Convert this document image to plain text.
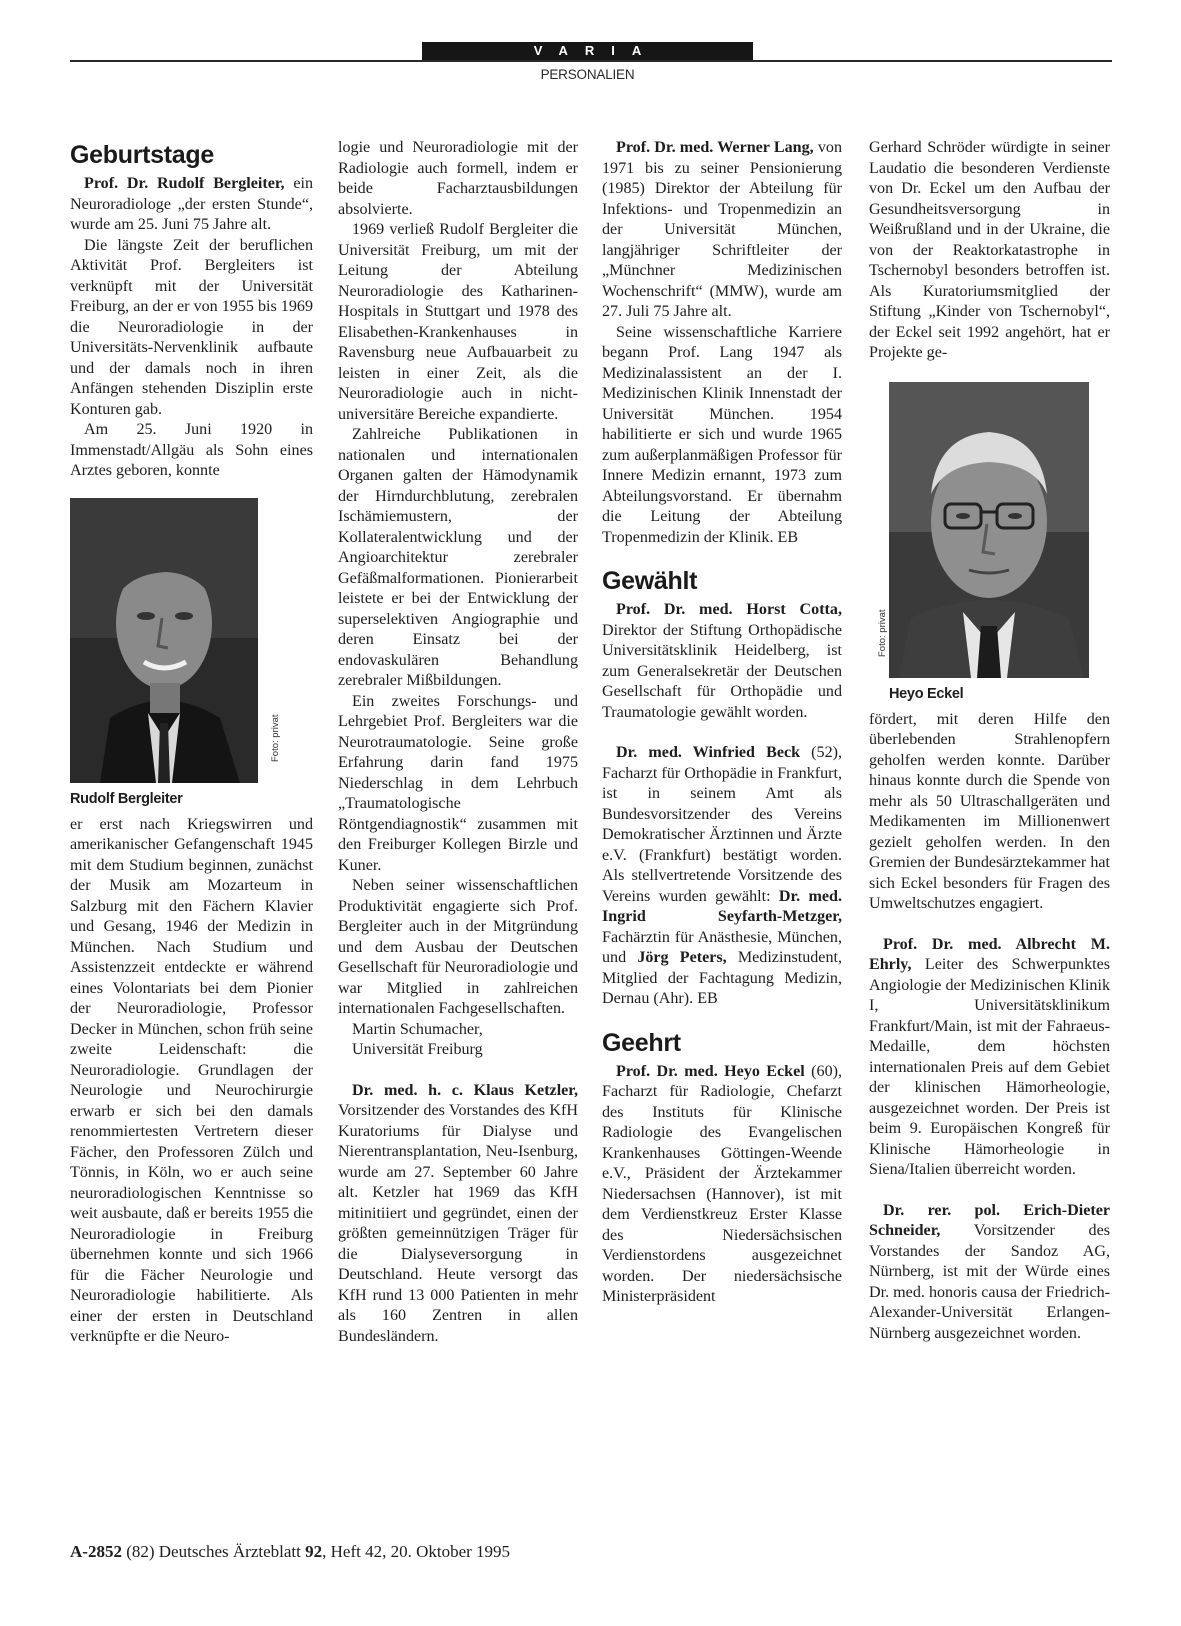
VARIA
PERSONALIEN
Geburtstage

Prof. Dr. Rudolf Bergleiter, ein Neuroradiologe „der ersten Stunde“, wurde am 25. Juni 75 Jahre alt.

Die längste Zeit der beruflichen Aktivität Prof. Bergleiters ist verknüpft mit der Universität Freiburg, an der er von 1955 bis 1969 die Neuroradiologie in der Universitäts-Nervenklinik aufbaute und der damals noch in ihren Anfängen stehenden Disziplin erste Konturen gab.

Am 25. Juni 1920 in Immenstadt/Allgäu als Sohn eines Arztes geboren, konnte

Foto: privat
Rudolf Bergleiter

er erst nach Kriegswirren und amerikanischer Gefangenschaft 1945 mit dem Studium beginnen, zunächst der Musik am Mozarteum in Salzburg mit den Fächern Klavier und Gesang, 1946 der Medizin in München. Nach Studium und Assistenzzeit entdeckte er während eines Volontariats bei dem Pionier der Neuroradiologie, Professor Decker in München, schon früh seine zweite Leidenschaft: die Neuroradiologie. Grundlagen der Neurologie und Neurochirurgie erwarb er sich bei den damals renommiertesten Vertretern dieser Fächer, den Professoren Zülch und Tönnis, in Köln, wo er auch seine neuroradiologischen Kenntnisse so weit ausbaute, daß er bereits 1955 die Neuroradiologie in Freiburg übernehmen konnte und sich 1966 für die Fächer Neurologie und Neuroradiologie habilitierte. Als einer der ersten in Deutschland verknüpfte er die Neuro-

logie und Neuroradiologie mit der Radiologie auch formell, indem er beide Facharztausbildungen absolvierte.

1969 verließ Rudolf Bergleiter die Universität Freiburg, um mit der Leitung der Abteilung Neuroradiologie des Katharinen-Hospitals in Stuttgart und 1978 des Elisabethen-Krankenhauses in Ravensburg neue Aufbauarbeit zu leisten in einer Zeit, als die Neuroradiologie auch in nicht-universitäre Bereiche expandierte.

Zahlreiche Publikationen in nationalen und internationalen Organen galten der Hämodynamik der Hirndurchblutung, zerebralen Ischämiemustern, der Kollateralentwicklung und der Angioarchitektur zerebraler Gefäßmalformationen. Pionierarbeit leistete er bei der Entwicklung der superselektiven Angiographie und deren Einsatz bei der endovaskulären Behandlung zerebraler Mißbildungen.

Ein zweites Forschungs- und Lehrgebiet Prof. Bergleiters war die Neurotraumatologie. Seine große Erfahrung darin fand 1975 Niederschlag in dem Lehrbuch „Traumatologische Röntgendiagnostik“ zusammen mit den Freiburger Kollegen Birzle und Kuner.

Neben seiner wissenschaftlichen Produktivität engagierte sich Prof. Bergleiter auch in der Mitgründung und dem Ausbau der Deutschen Gesellschaft für Neuroradiologie und war Mitglied in zahlreichen internationalen Fachgesellschaften.

Martin Schumacher,

Universität Freiburg

Dr. med. h. c. Klaus Ketzler, Vorsitzender des Vorstandes des KfH Kuratoriums für Dialyse und Nierentransplantation, Neu-Isenburg, wurde am 27. September 60 Jahre alt. Ketzler hat 1969 das KfH mitinitiiert und gegründet, einen der größten gemeinnützigen Träger für die Dialyseversorgung in Deutschland. Heute versorgt das KfH rund 13 000 Patienten in mehr als 160 Zentren in allen Bundesländern.

Prof. Dr. med. Werner Lang, von 1971 bis zu seiner Pensionierung (1985) Direktor der Abteilung für Infektions- und Tropenmedizin an der Universität München, langjähriger Schriftleiter der „Münchner Medizinischen Wochenschrift“ (MMW), wurde am 27. Juli 75 Jahre alt.

Seine wissenschaftliche Karriere begann Prof. Lang 1947 als Medizinalassistent an der I. Medizinischen Klinik Innenstadt der Universität München. 1954 habilitierte er sich und wurde 1965 zum außerplanmäßigen Professor für Innere Medizin ernannt, 1973 zum Abteilungsvorstand. Er übernahm die Leitung der Abteilung Tropenmedizin der Klinik. EB

Gewählt

Prof. Dr. med. Horst Cotta, Direktor der Stiftung Orthopädische Universitätsklinik Heidelberg, ist zum Generalsekretär der Deutschen Gesellschaft für Orthopädie und Traumatologie gewählt worden.

Dr. med. Winfried Beck (52), Facharzt für Orthopädie in Frankfurt, ist in seinem Amt als Bundesvorsitzender des Vereins Demokratischer Ärztinnen und Ärzte e.V. (Frankfurt) bestätigt worden. Als stellvertretende Vorsitzende des Vereins wurden gewählt: Dr. med. Ingrid Seyfarth-Metzger, Fachärztin für Anästhesie, München, und Jörg Peters, Medizinstudent, Mitglied der Fachtagung Medizin, Dernau (Ahr). EB

Geehrt

Prof. Dr. med. Heyo Eckel (60), Facharzt für Radiologie, Chefarzt des Instituts für Klinische Radiologie des Evangelischen Krankenhauses Göttingen-Weende e.V., Präsident der Ärztekammer Niedersachsen (Hannover), ist mit dem Verdienstkreuz Erster Klasse des Niedersächsischen Verdienstordens ausgezeichnet worden. Der niedersächsische Ministerpräsident

Gerhard Schröder würdigte in seiner Laudatio die besonderen Verdienste von Dr. Eckel um den Aufbau der Gesundheitsversorgung in Weißrußland und in der Ukraine, die von der Reaktorkatastrophe in Tschernobyl besonders betroffen ist. Als Kuratoriumsmitglied der Stiftung „Kinder von Tschernobyl“, der Eckel seit 1992 angehört, hat er Projekte ge-

Foto: privat
Heyo Eckel

fördert, mit deren Hilfe den überlebenden Strahlenopfern geholfen werden konnte. Darüber hinaus konnte durch die Spende von mehr als 50 Ultraschallgeräten und Medikamenten im Millionenwert gezielt geholfen werden. In den Gremien der Bundesärztekammer hat sich Eckel besonders für Fragen des Umweltschutzes engagiert.

Prof. Dr. med. Albrecht M. Ehrly, Leiter des Schwerpunktes Angiologie der Medizinischen Klinik I, Universitätsklinikum Frankfurt/Main, ist mit der Fahraeus-Medaille, dem höchsten internationalen Preis auf dem Gebiet der klinischen Hämorheologie, ausgezeichnet worden. Der Preis ist beim 9. Europäischen Kongreß für Klinische Hämorheologie in Siena/Italien überreicht worden.

Dr. rer. pol. Erich-Dieter Schneider, Vorsitzender des Vorstandes der Sandoz AG, Nürnberg, ist mit der Würde eines Dr. med. honoris causa der Friedrich-Alexander-Universität Erlangen-Nürnberg ausgezeichnet worden.

A-2852 (82) Deutsches Ärzteblatt 92, Heft 42, 20. Oktober 1995
